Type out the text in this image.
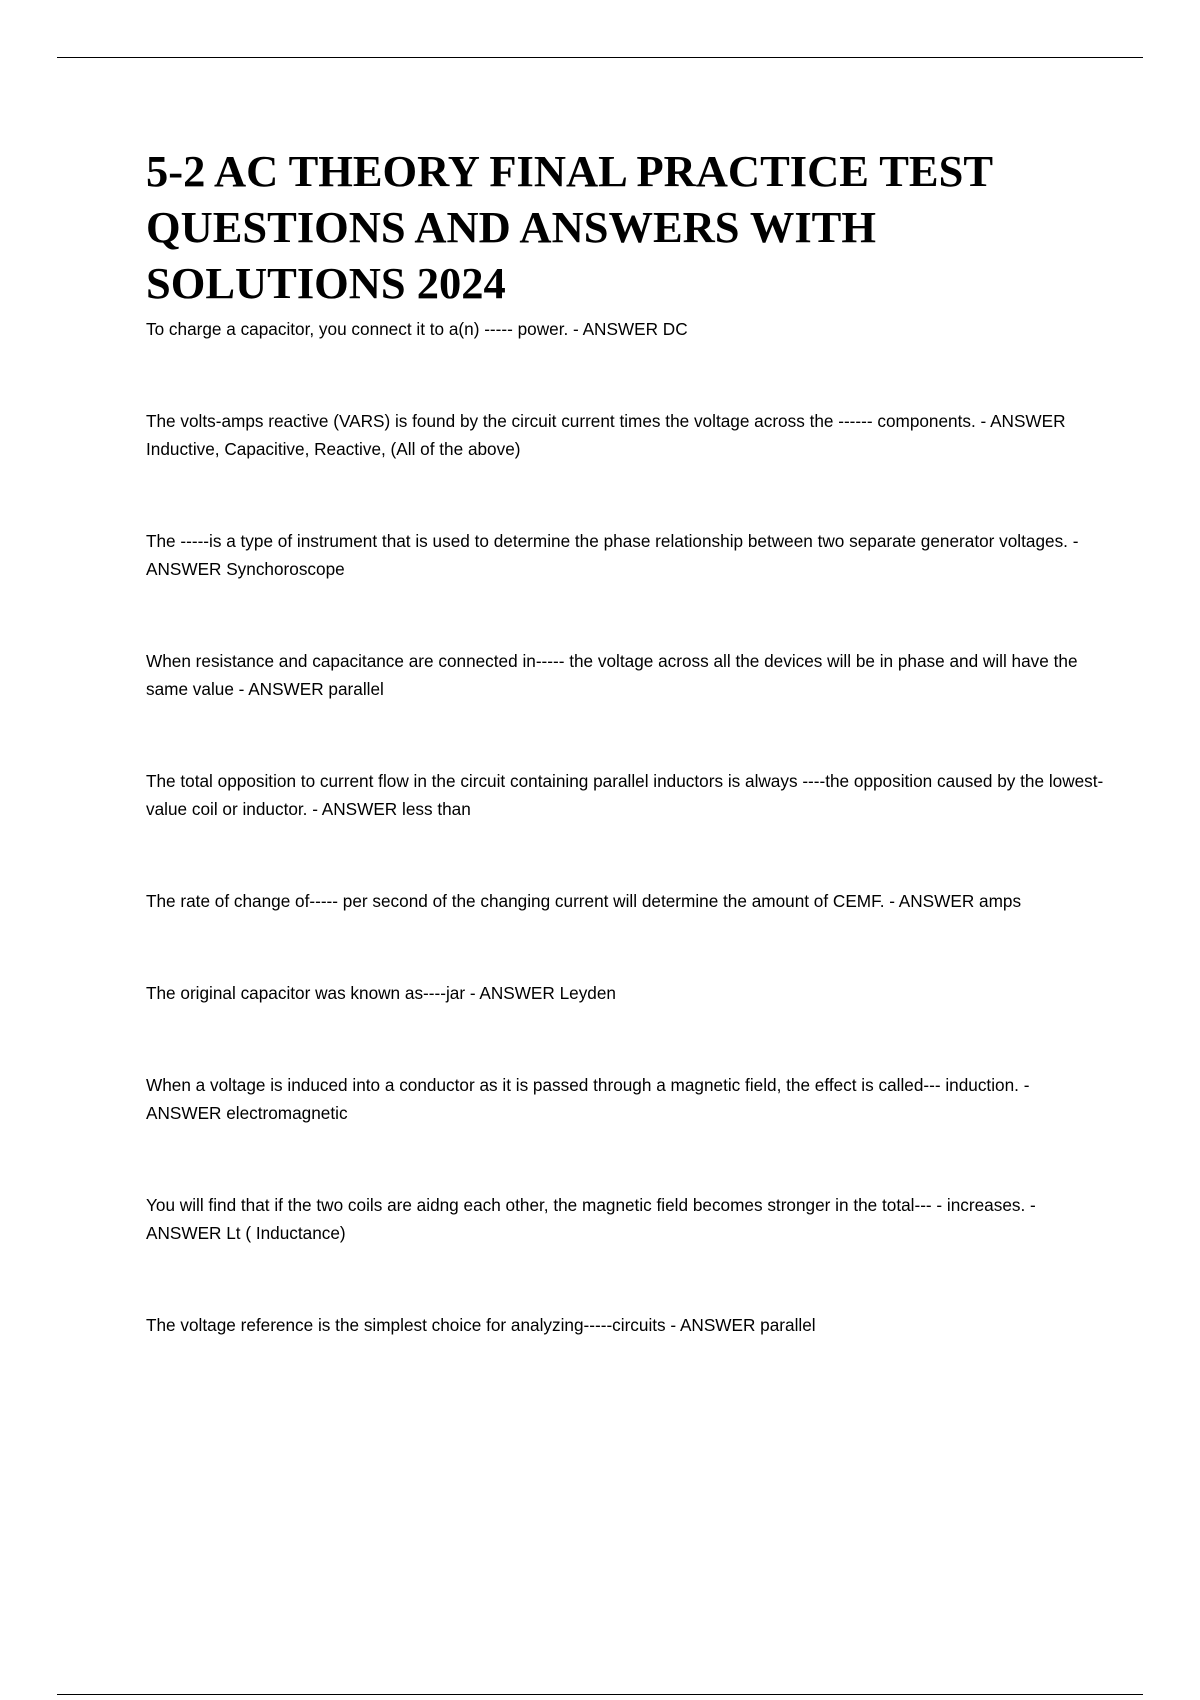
5-2 AC THEORY FINAL PRACTICE TEST QUESTIONS AND ANSWERS WITH SOLUTIONS 2024
To charge a capacitor, you connect it to a(n) ----- power. - ANSWER DC
The volts-amps reactive (VARS) is found by the circuit current times the voltage across the ------ components. - ANSWER Inductive, Capacitive, Reactive, (All of the above)
The -----is a type of instrument that is used to determine the phase relationship between two separate generator voltages. - ANSWER Synchoroscope
When resistance and capacitance are connected in----- the voltage across all the devices will be in phase and will have the same value - ANSWER parallel
The total opposition to current flow in the circuit containing parallel inductors is always ----the opposition caused by the lowest-value coil or inductor. - ANSWER less than
The rate of change of----- per second of the changing current will determine the amount of CEMF. - ANSWER amps
The original capacitor was known as----jar - ANSWER Leyden
When a voltage is induced into a conductor as it is passed through a magnetic field, the effect is called--- induction. - ANSWER electromagnetic
You will find that if the two coils are aidng each other, the magnetic field becomes stronger in the total--- - increases. - ANSWER Lt ( Inductance)
The voltage reference is the simplest choice for analyzing-----circuits - ANSWER parallel
